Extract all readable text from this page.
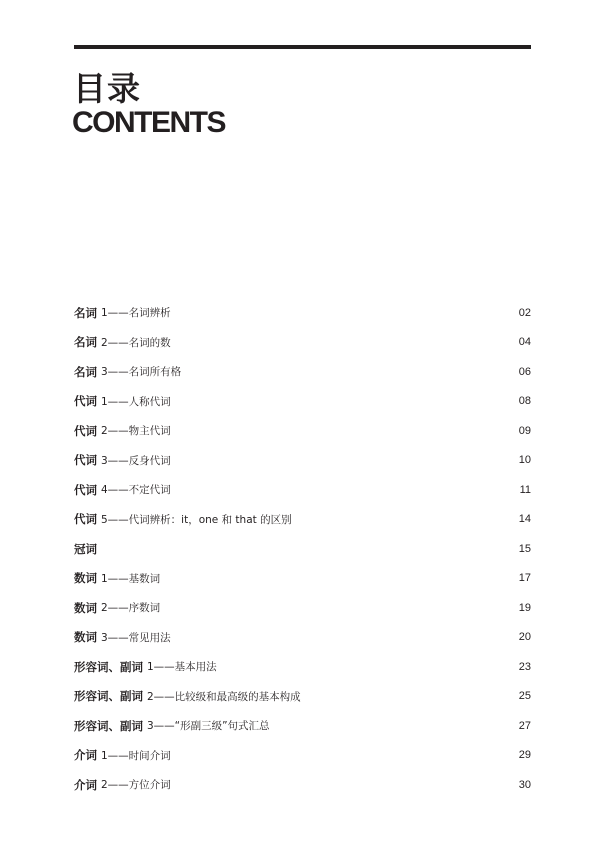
目录
CONTENTS
名词 1——名词辨析	02
名词 2——名词的数	04
名词 3——名词所有格	06
代词 1——人称代词	08
代词 2——物主代词	09
代词 3——反身代词	10
代词 4——不定代词	11
代词 5——代词辨析：it，one 和 that 的区别	14
冠词	15
数词 1——基数词	17
数词 2——序数词	19
数词 3——常见用法	20
形容词、副词 1——基本用法	23
形容词、副词 2——比较级和最高级的基本构成	25
形容词、副词 3——“形副三级”句式汇总	27
介词 1——时间介词	29
介词 2——方位介词	30
